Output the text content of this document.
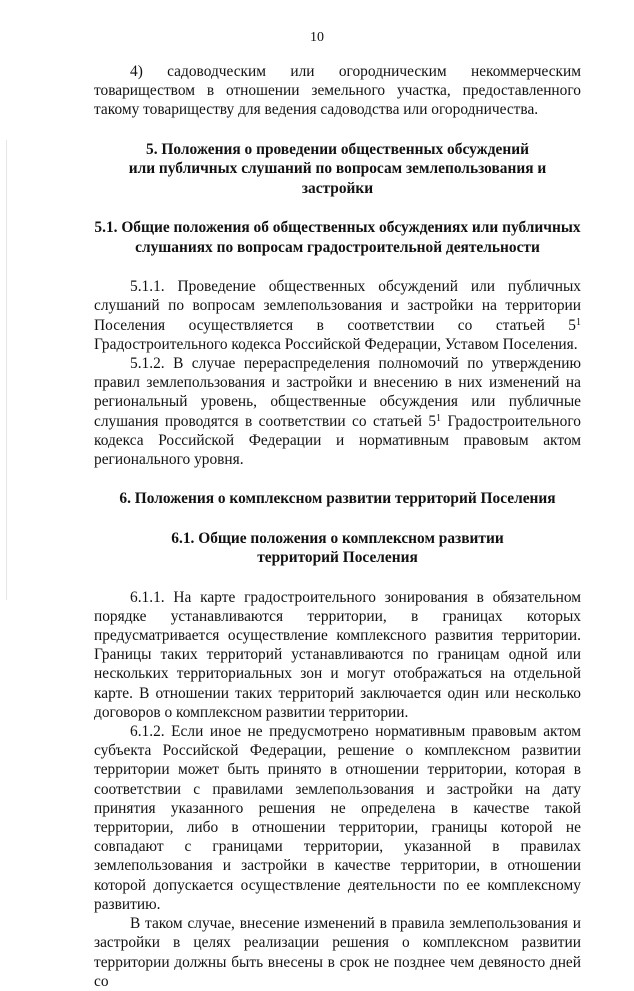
10

4) садоводческим или огородническим некоммерческим товариществом в отношении земельного участка, предоставленного такому товариществу для ведения садоводства или огородничества.

5. Положения о проведении общественных обсуждений
или публичных слушаний по вопросам землепользования и застройки
5.1. Общие положения об общественных обсуждениях или публичных
слушаниях по вопросам градостроительной деятельности

5.1.1. Проведение общественных обсуждений или публичных слушаний по вопросам землепользования и застройки на территории Поселения осуществляется в соответствии со статьей $5^1$ Градостроительного кодекса Российской Федерации, Уставом Поселения.

5.1.2. В случае перераспределения полномочий по утверждению правил землепользования и застройки и внесению в них изменений на региональный уровень, общественные обсуждения или публичные слушания проводятся в соответствии со статьей $5^1$ Градостроительного кодекса Российской Федерации и нормативным правовым актом регионального уровня.

6. Положения о комплексном развитии территорий Поселения
6.1. Общие положения о комплексном развитии
территорий Поселения

6.1.1. На карте градостроительного зонирования в обязательном порядке устанавливаются территории, в границах которых предусматривается осуществление комплексного развития территории. Границы таких территорий устанавливаются по границам одной или нескольких территориальных зон и могут отображаться на отдельной карте. В отношении таких территорий заключается один или несколько договоров о комплексном развитии территории.

6.1.2. Если иное не предусмотрено нормативным правовым актом субъекта Российской Федерации, решение о комплексном развитии территории может быть принято в отношении территории, которая в соответствии с правилами землепользования и застройки на дату принятия указанного решения не определена в качестве такой территории, либо в отношении территории, границы которой не совпадают с границами территории, указанной в правилах землепользования и застройки в качестве территории, в отношении которой допускается осуществление деятельности по ее комплексному развитию.

В таком случае, внесение изменений в правила землепользования и застройки в целях реализации решения о комплексном развитии территории должны быть внесены в срок не позднее чем девяносто дней со
